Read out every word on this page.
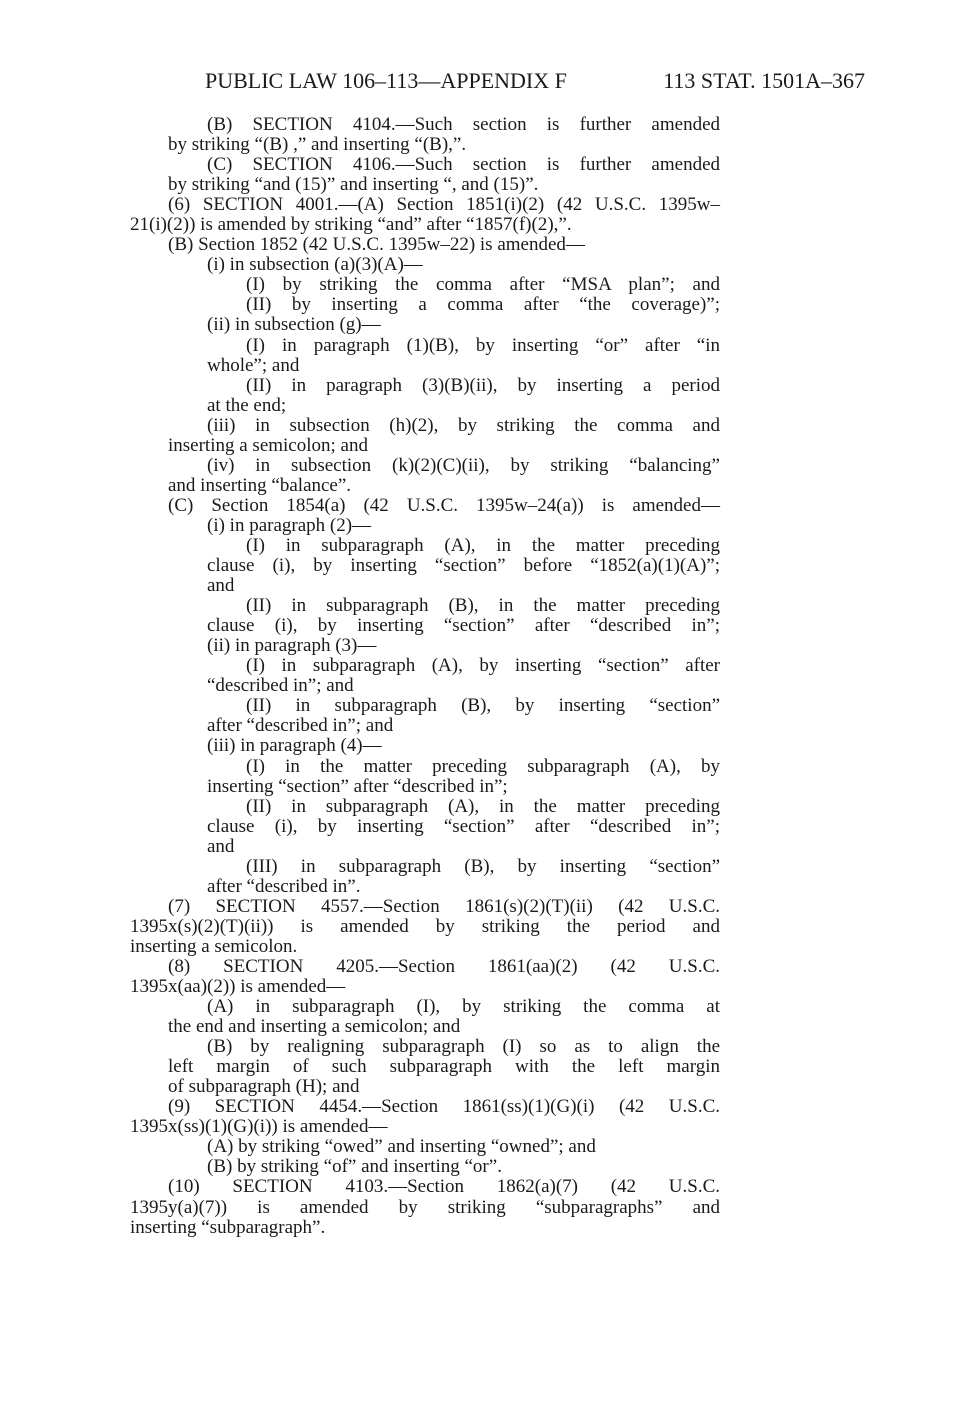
PUBLIC LAW 106–113—APPENDIX F	113 STAT. 1501A–367
(B) SECTION 4104.—Such section is further amended
by striking “(B) ,” and inserting “(B),”.
(C) SECTION 4106.—Such section is further amended
by striking “and (15)” and inserting “, and (15)”.
(6) SECTION 4001.—(A) Section 1851(i)(2) (42 U.S.C. 1395w–
21(i)(2)) is amended by striking “and” after “1857(f)(2),”.
(B) Section 1852 (42 U.S.C. 1395w–22) is amended—
(i) in subsection (a)(3)(A)—
(I) by striking the comma after “MSA plan”; and
(II) by inserting a comma after “the coverage)”;
(ii) in subsection (g)—
(I) in paragraph (1)(B), by inserting “or” after “in
whole”; and
(II) in paragraph (3)(B)(ii), by inserting a period
at the end;
(iii) in subsection (h)(2), by striking the comma and
inserting a semicolon; and
(iv) in subsection (k)(2)(C)(ii), by striking “balancing”
and inserting “balance”.
(C) Section 1854(a) (42 U.S.C. 1395w–24(a)) is amended—
(i) in paragraph (2)—
(I) in subparagraph (A), in the matter preceding
clause (i), by inserting “section” before “1852(a)(1)(A)”;
and
(II) in subparagraph (B), in the matter preceding
clause (i), by inserting “section” after “described in”;
(ii) in paragraph (3)—
(I) in subparagraph (A), by inserting “section” after
“described in”; and
(II) in subparagraph (B), by inserting “section”
after “described in”; and
(iii) in paragraph (4)—
(I) in the matter preceding subparagraph (A), by
inserting “section” after “described in”;
(II) in subparagraph (A), in the matter preceding
clause (i), by inserting “section” after “described in”;
and
(III) in subparagraph (B), by inserting “section”
after “described in”.
(7) SECTION 4557.—Section 1861(s)(2)(T)(ii) (42 U.S.C.
1395x(s)(2)(T)(ii)) is amended by striking the period and
inserting a semicolon.
(8) SECTION 4205.—Section 1861(aa)(2) (42 U.S.C.
1395x(aa)(2)) is amended—
(A) in subparagraph (I), by striking the comma at
the end and inserting a semicolon; and
(B) by realigning subparagraph (I) so as to align the
left margin of such subparagraph with the left margin
of subparagraph (H); and
(9) SECTION 4454.—Section 1861(ss)(1)(G)(i) (42 U.S.C.
1395x(ss)(1)(G)(i)) is amended—
(A) by striking “owed” and inserting “owned”; and
(B) by striking “of” and inserting “or”.
(10) SECTION 4103.—Section 1862(a)(7) (42 U.S.C.
1395y(a)(7)) is amended by striking “subparagraphs” and
inserting “subparagraph”.
